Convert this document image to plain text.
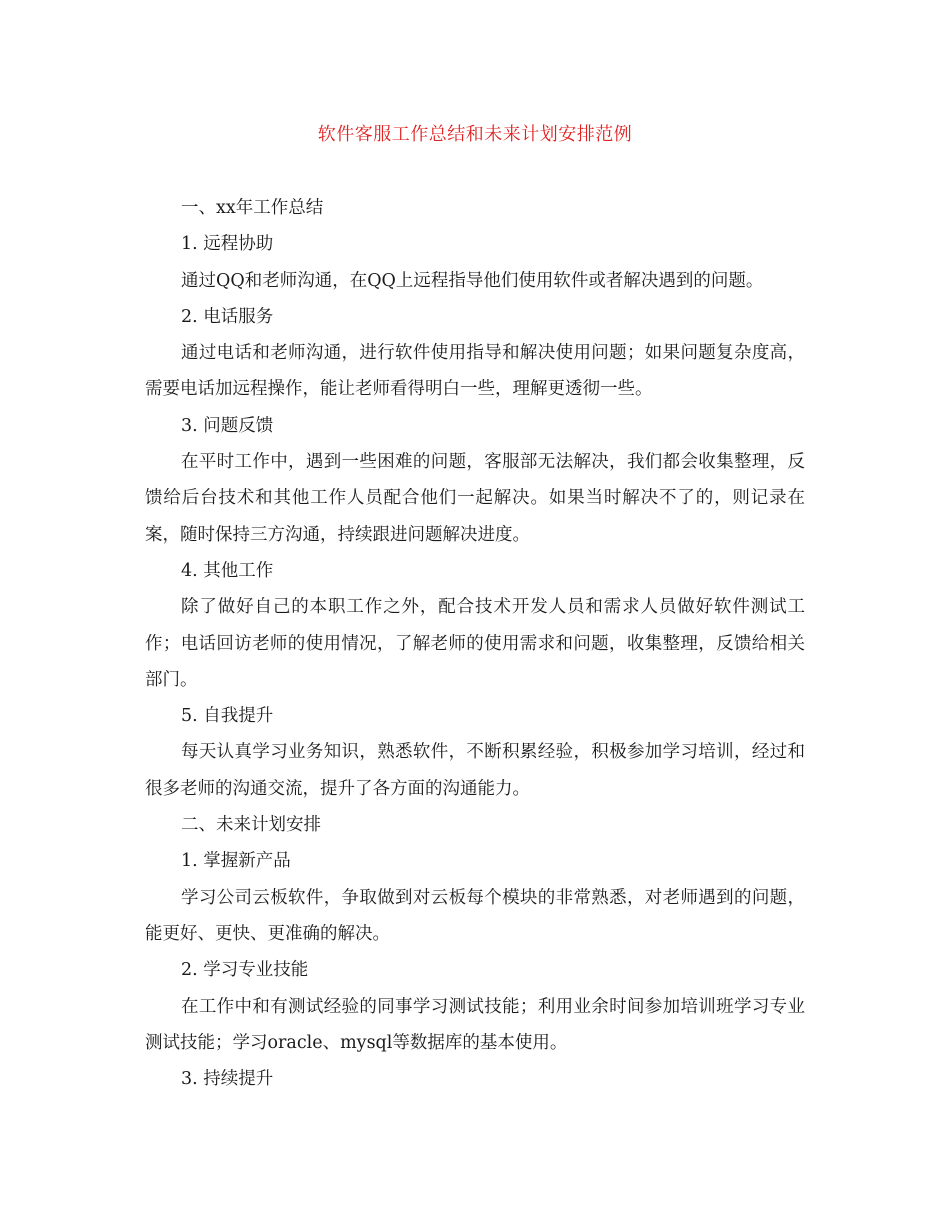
软件客服工作总结和未来计划安排范例

一、xx年工作总结

1. 远程协助

通过QQ和老师沟通，在QQ上远程指导他们使用软件或者解决遇到的问题。

2. 电话服务

通过电话和老师沟通，进行软件使用指导和解决使用问题；如果问题复杂度高，需要电话加远程操作，能让老师看得明白一些，理解更透彻一些。

3. 问题反馈

在平时工作中，遇到一些困难的问题，客服部无法解决，我们都会收集整理，反馈给后台技术和其他工作人员配合他们一起解决。如果当时解决不了的，则记录在案，随时保持三方沟通，持续跟进问题解决进度。

4. 其他工作

除了做好自己的本职工作之外，配合技术开发人员和需求人员做好软件测试工作；电话回访老师的使用情况，了解老师的使用需求和问题，收集整理，反馈给相关部门。

5. 自我提升

每天认真学习业务知识，熟悉软件，不断积累经验，积极参加学习培训，经过和很多老师的沟通交流，提升了各方面的沟通能力。

二、未来计划安排

1. 掌握新产品

学习公司云板软件，争取做到对云板每个模块的非常熟悉，对老师遇到的问题，能更好、更快、更准确的解决。

2. 学习专业技能

在工作中和有测试经验的同事学习测试技能；利用业余时间参加培训班学习专业测试技能；学习oracle、mysql等数据库的基本使用。

3. 持续提升
